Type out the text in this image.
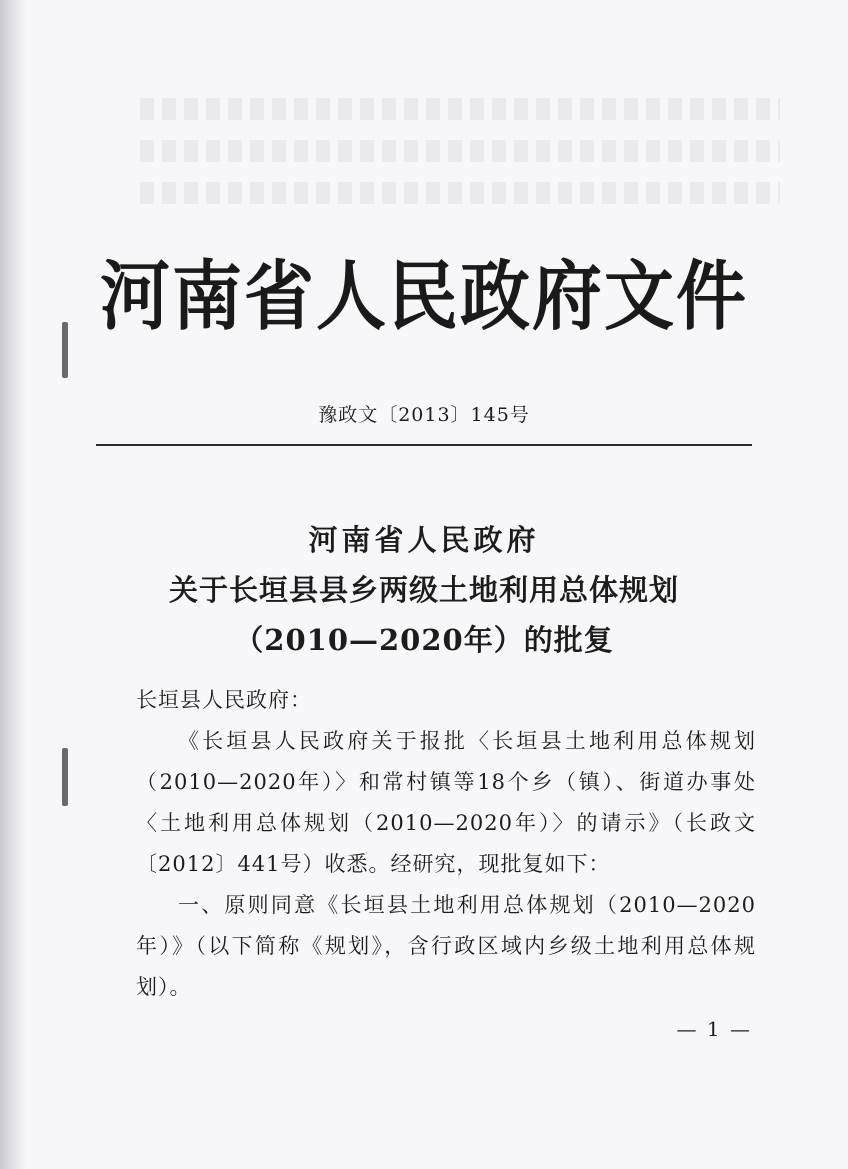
河南省人民政府文件
豫政文〔2013〕145号
河南省人民政府
关于长垣县县乡两级土地利用总体规划
（2010—2020年）的批复
长垣县人民政府：
《长垣县人民政府关于报批〈长垣县土地利用总体规划（2010—2020年）〉和常村镇等18个乡（镇）、街道办事处〈土地利用总体规划（2010—2020年）〉的请示》（长政文〔2012〕441号）收悉。经研究，现批复如下：
一、原则同意《长垣县土地利用总体规划（2010—2020年）》（以下简称《规划》，含行政区域内乡级土地利用总体规划）。
— 1 —
